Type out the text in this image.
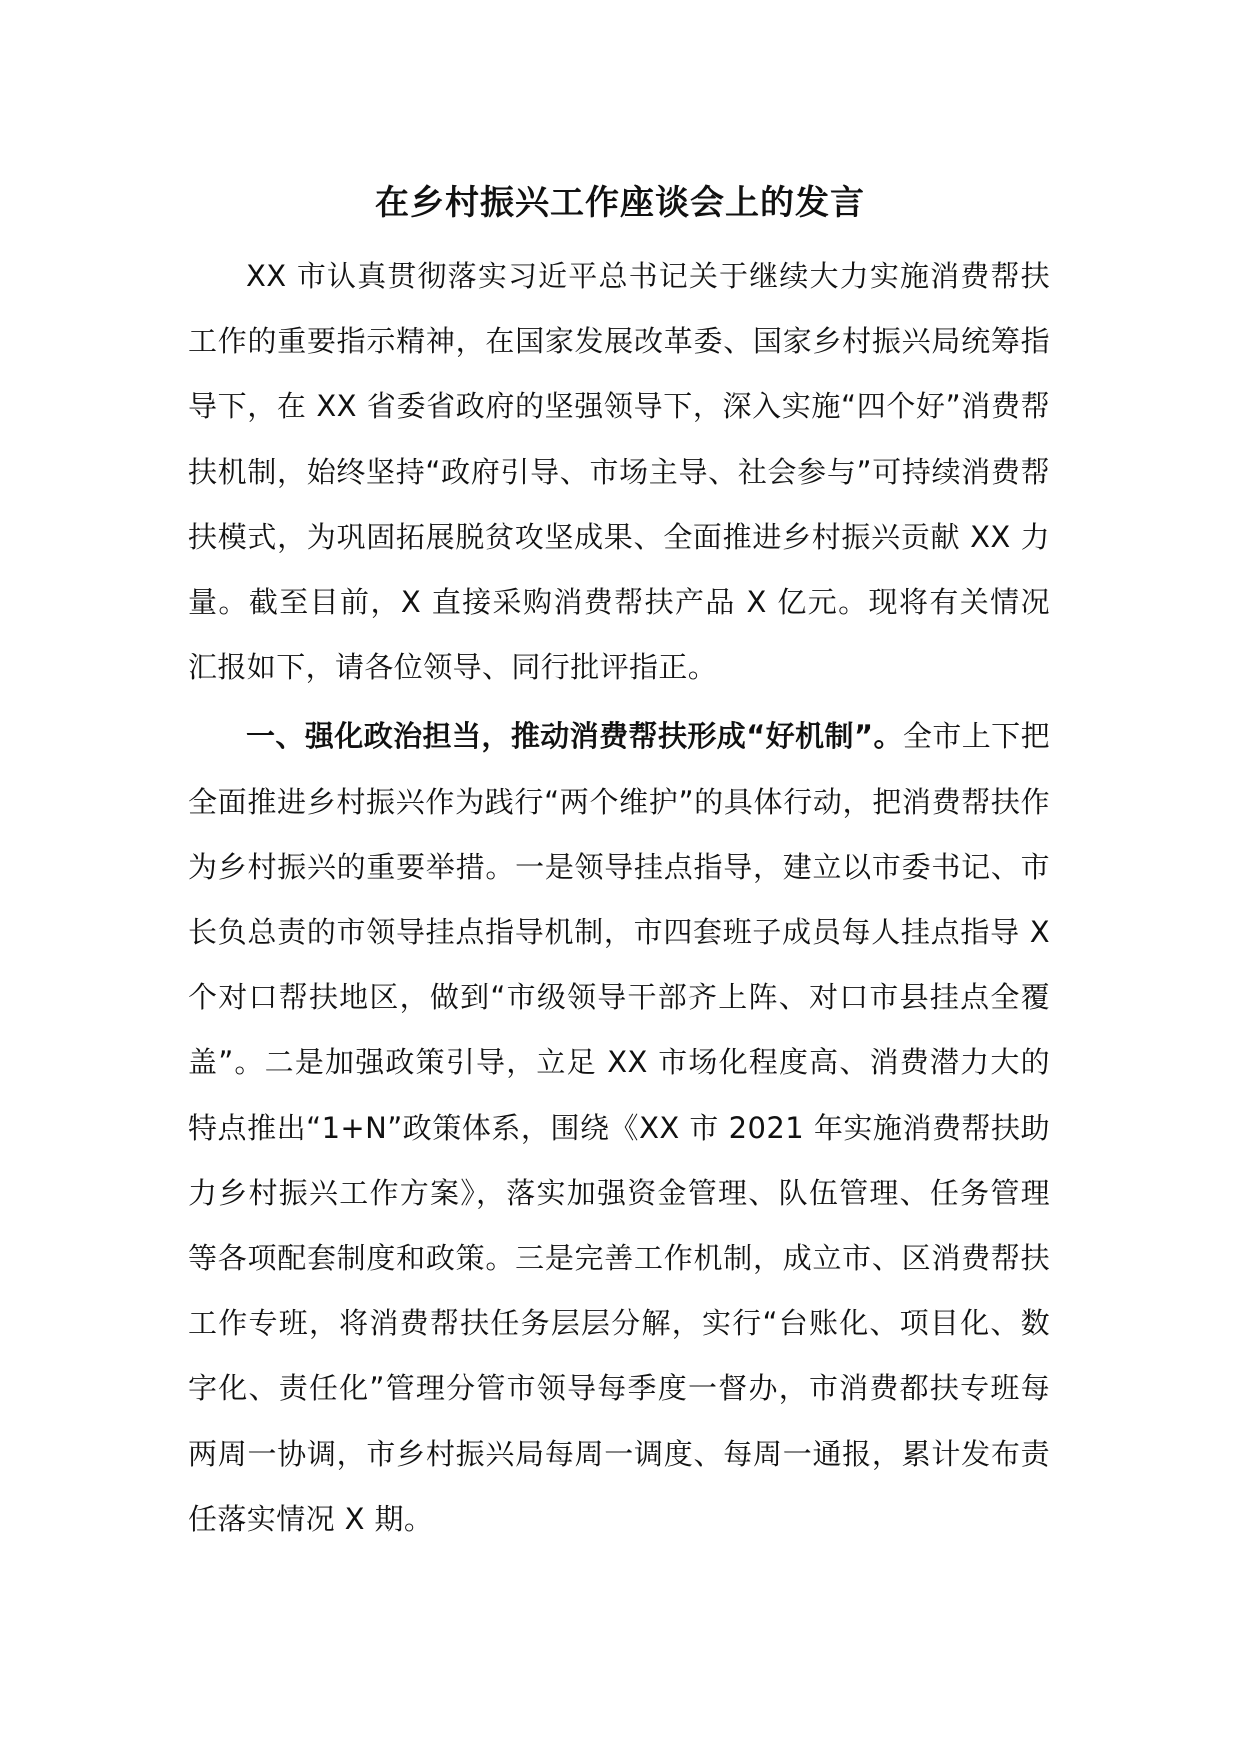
在乡村振兴工作座谈会上的发言

XX 市认真贯彻落实习近平总书记关于继续大力实施消费帮扶工作的重要指示精神，在国家发展改革委、国家乡村振兴局统筹指导下，在 XX 省委省政府的坚强领导下，深入实施“四个好”消费帮扶机制，始终坚持“政府引导、市场主导、社会参与”可持续消费帮扶模式，为巩固拓展脱贫攻坚成果、全面推进乡村振兴贡献 XX 力量。截至目前，X 直接采购消费帮扶产品 X 亿元。现将有关情况汇报如下，请各位领导、同行批评指正。

一、强化政治担当，推动消费帮扶形成“好机制”。全市上下把全面推进乡村振兴作为践行“两个维护”的具体行动，把消费帮扶作为乡村振兴的重要举措。一是领导挂点指导，建立以市委书记、市长负总责的市领导挂点指导机制，市四套班子成员每人挂点指导 X 个对口帮扶地区，做到“市级领导干部齐上阵、对口市县挂点全覆盖”。二是加强政策引导，立足 XX 市场化程度高、消费潜力大的特点推出“1+N”政策体系，围绕《XX 市 2021 年实施消费帮扶助力乡村振兴工作方案》，落实加强资金管理、队伍管理、任务管理等各项配套制度和政策。三是完善工作机制，成立市、区消费帮扶工作专班，将消费帮扶任务层层分解，实行“台账化、项目化、数字化、责任化”管理分管市领导每季度一督办，市消费都扶专班每两周一协调，市乡村振兴局每周一调度、每周一通报，累计发布责任落实情况 X 期。
